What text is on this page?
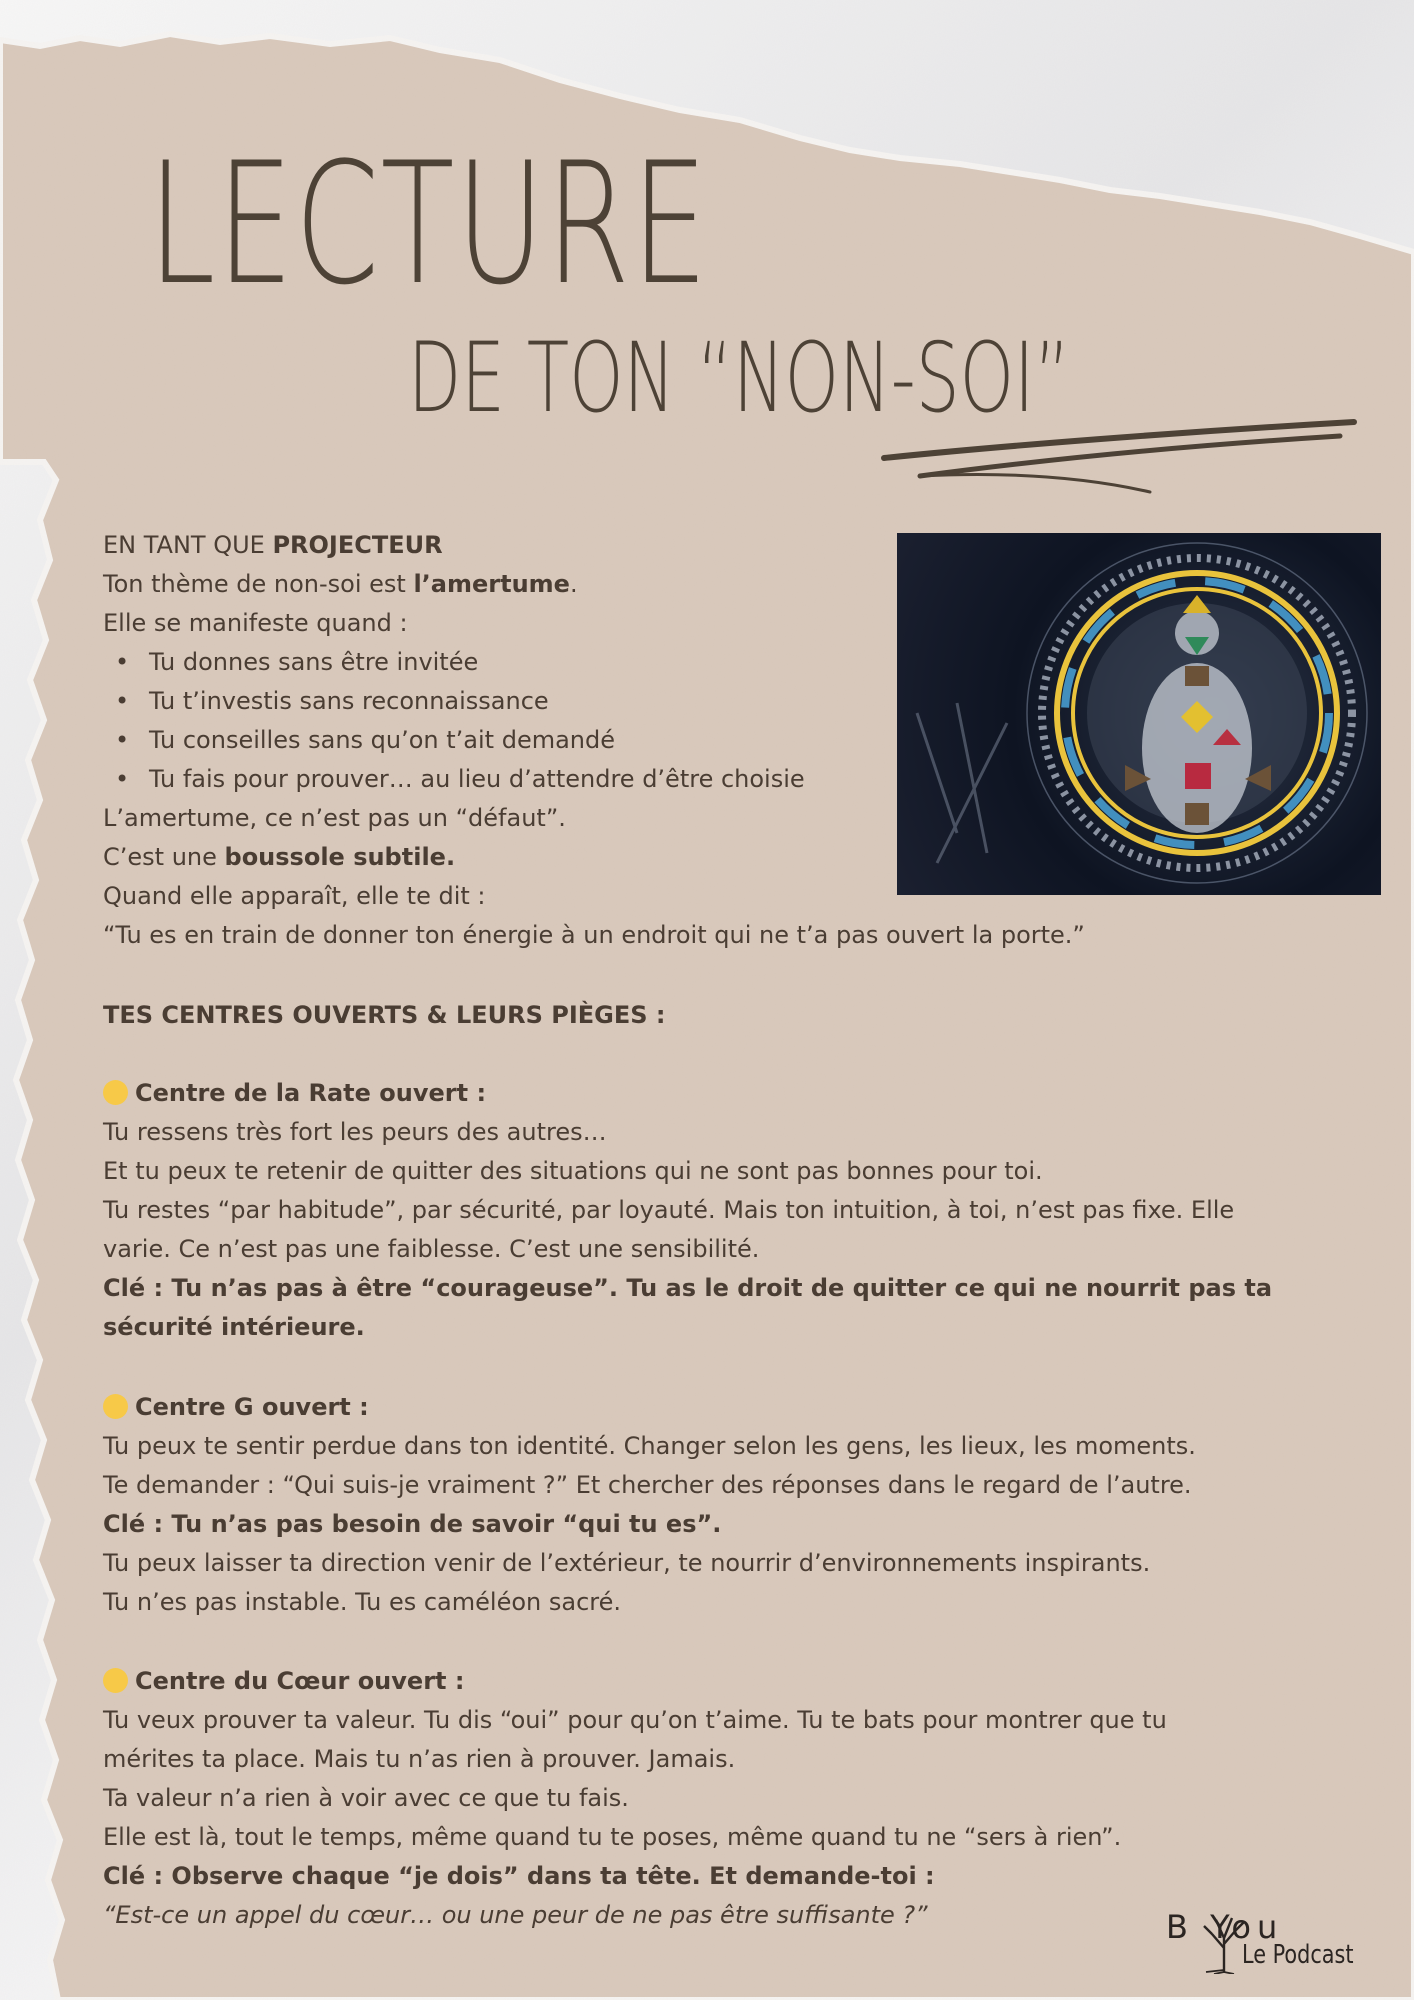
LECTURE
DE TON “NON-SOI”
EN TANT QUE PROJECTEUR
Ton thème de non-soi est l’amertume.
Elle se manifeste quand :
• Tu donnes sans être invitée
• Tu t’investis sans reconnaissance
• Tu conseilles sans qu’on t’ait demandé
• Tu fais pour prouver… au lieu d’attendre d’être choisie
L’amertume, ce n’est pas un “défaut”.
C’est une boussole subtile.
Quand elle apparaît, elle te dit :
“Tu es en train de donner ton énergie à un endroit qui ne t’a pas ouvert la porte.”
TES CENTRES OUVERTS & LEURS PIÈGES :
Centre de la Rate ouvert :
Tu ressens très fort les peurs des autres…
Et tu peux te retenir de quitter des situations qui ne sont pas bonnes pour toi.
Tu restes “par habitude”, par sécurité, par loyauté. Mais ton intuition, à toi, n’est pas fixe. Elle
varie. Ce n’est pas une faiblesse. C’est une sensibilité.
Clé : Tu n’as pas à être “courageuse”. Tu as le droit de quitter ce qui ne nourrit pas ta
sécurité intérieure.
Centre G ouvert :
Tu peux te sentir perdue dans ton identité. Changer selon les gens, les lieux, les moments.
Te demander : “Qui suis-je vraiment ?” Et chercher des réponses dans le regard de l’autre.
Clé : Tu n’as pas besoin de savoir “qui tu es”.
Tu peux laisser ta direction venir de l’extérieur, te nourrir d’environnements inspirants.
Tu n’es pas instable. Tu es caméléon sacré.
Centre du Cœur ouvert :
Tu veux prouver ta valeur. Tu dis “oui” pour qu’on t’aime. Tu te bats pour montrer que tu
mérites ta place. Mais tu n’as rien à prouver. Jamais.
Ta valeur n’a rien à voir avec ce que tu fais.
Elle est là, tout le temps, même quand tu te poses, même quand tu ne “sers à rien”.
Clé : Observe chaque “je dois” dans ta tête. Et demande-toi :
“Est-ce un appel du cœur… ou une peur de ne pas être suffisante ?”	B You
Le Podcast
